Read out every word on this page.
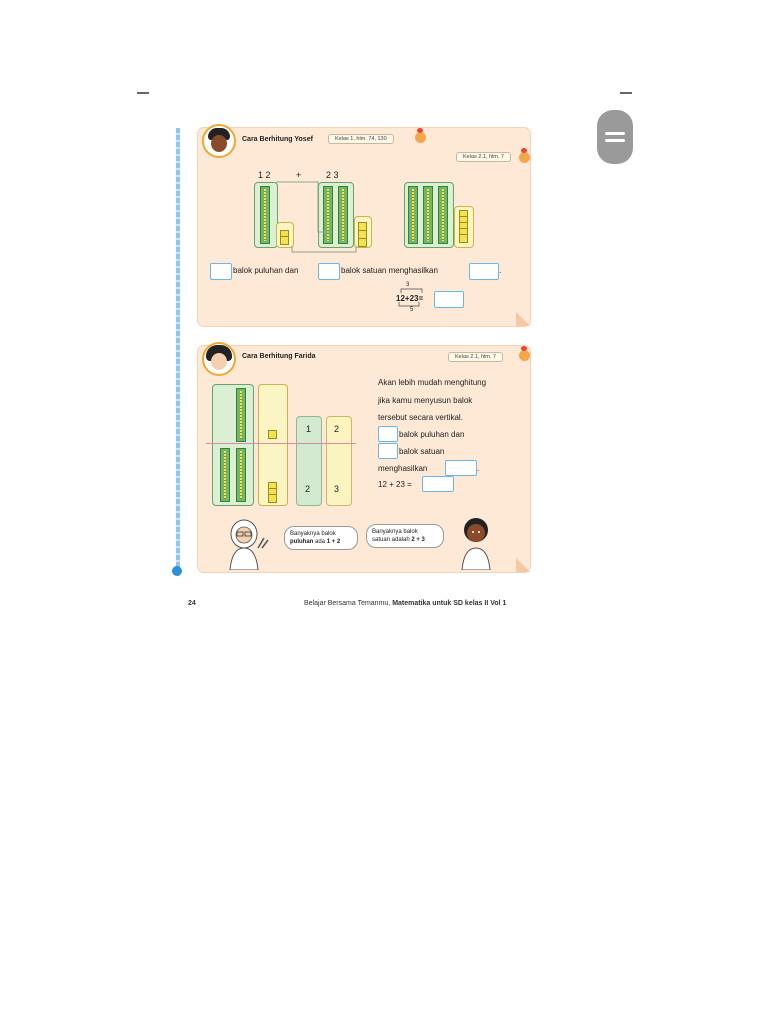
Cara Berhitung Yosef	Kelas 1, hlm. 74, 130
Kelas 2.1, hlm. 7
1 2	+	2 3
balok puluhan dan	balok satuan menghasilkan	.
3
12+23=
5
Cara Berhitung Farida	Kelas 2.1, hlm. 7
1	2
2	3
Akan lebih mudah menghitung
jika kamu menyusun balok
tersebut secara vertikal.
balok puluhan dan
balok satuan
menghasilkan	.
12 + 23 =
Banyaknya balok
puluhan ada 1 + 2
Banyaknya balok
satuan adalah 2 + 3
24	Belajar Bersama Temanmu, Matematika untuk SD kelas II Vol 1
